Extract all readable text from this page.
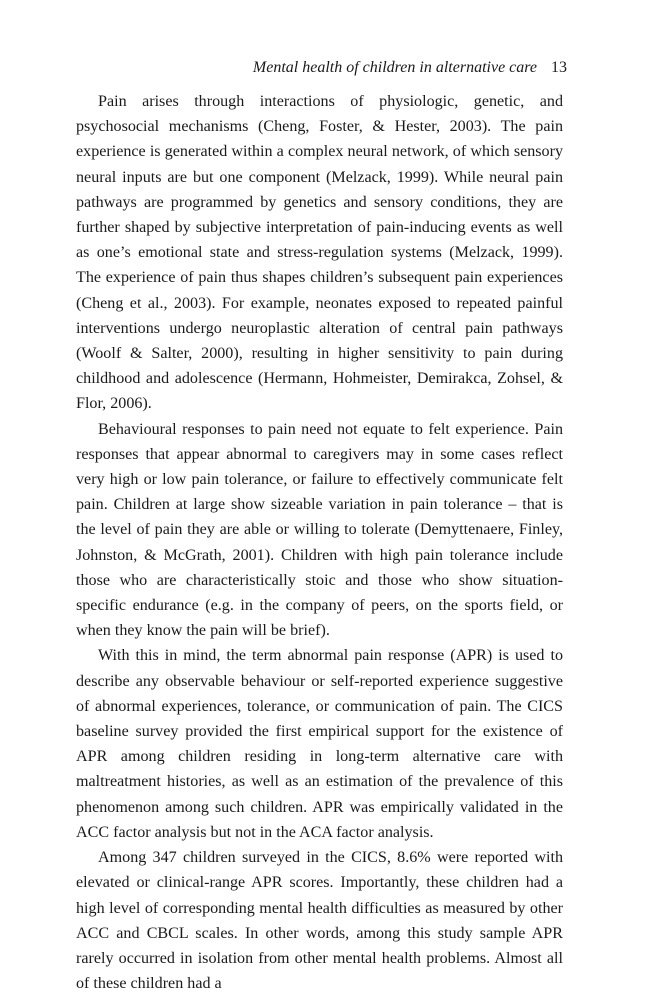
Mental health of children in alternative care 13

Pain arises through interactions of physiologic, genetic, and psychosocial mechanisms (Cheng, Foster, & Hester, 2003). The pain experience is generated within a complex neural network, of which sensory neural inputs are but one component (Melzack, 1999). While neural pain pathways are programmed by genetics and sensory conditions, they are further shaped by subjective interpretation of pain-inducing events as well as one’s emotional state and stress-regulation systems (Melzack, 1999). The experience of pain thus shapes children’s subsequent pain experiences (Cheng et al., 2003). For example, neonates exposed to repeated painful interventions undergo neuroplastic alteration of central pain pathways (Woolf & Salter, 2000), resulting in higher sensitivity to pain during childhood and adolescence (Hermann, Hohmeister, Demirakca, Zohsel, & Flor, 2006).

Behavioural responses to pain need not equate to felt experience. Pain responses that appear abnormal to caregivers may in some cases reflect very high or low pain tolerance, or failure to effectively communicate felt pain. Children at large show sizeable variation in pain tolerance – that is the level of pain they are able or willing to tolerate (Demyttenaere, Finley, Johnston, & McGrath, 2001). Children with high pain tolerance include those who are characteristically stoic and those who show situation-specific endurance (e.g. in the company of peers, on the sports field, or when they know the pain will be brief).

With this in mind, the term abnormal pain response (APR) is used to describe any observable behaviour or self-reported experience suggestive of abnormal experiences, tolerance, or communication of pain. The CICS baseline survey provided the first empirical support for the existence of APR among children residing in long-term alternative care with maltreatment histories, as well as an estimation of the prevalence of this phenomenon among such children. APR was empirically validated in the ACC factor analysis but not in the ACA factor analysis.

Among 347 children surveyed in the CICS, 8.6% were reported with elevated or clinical-range APR scores. Importantly, these children had a high level of corresponding mental health difficulties as measured by other ACC and CBCL scales. In other words, among this study sample APR rarely occurred in isolation from other mental health problems. Almost all of these children had a
